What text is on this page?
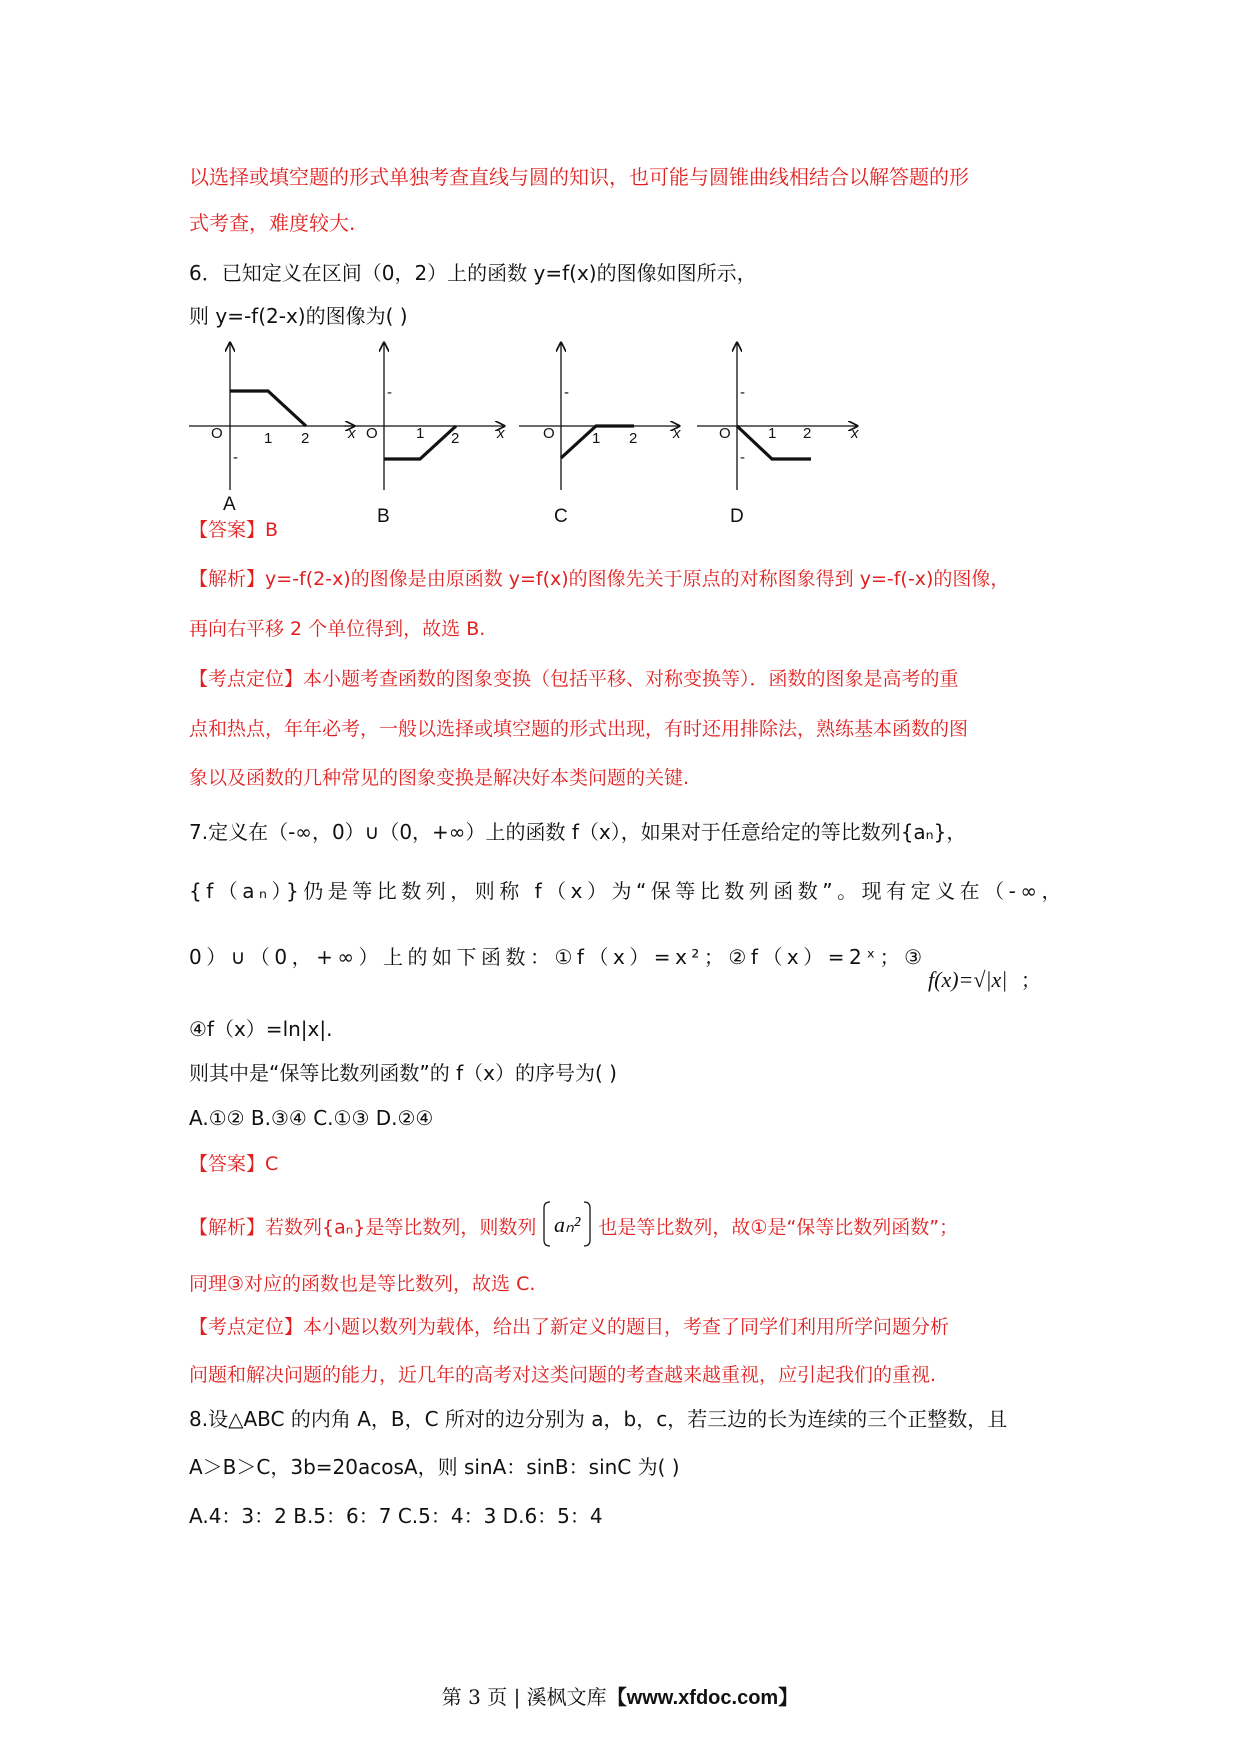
以选择或填空题的形式单独考查直线与圆的知识，也可能与圆锥曲线相结合以解答题的形
式考查，难度较大.
6．已知定义在区间（0，2）上的函数 y=f(x)的图像如图所示，
则 y=-f(2-x)的图像为( )
O	1 2	x
-
A
O	1 2	x
-
B
O 1 2 x
-
C
O 1 2	x
-
-
D
【答案】B
【解析】y=-f(2-x)的图像是由原函数 y=f(x)的图像先关于原点的对称图象得到 y=-f(-x)的图像，
再向右平移 2 个单位得到，故选 B.
【考点定位】本小题考查函数的图象变换（包括平移、对称变换等）．函数的图象是高考的重
点和热点，年年必考，一般以选择或填空题的形式出现，有时还用排除法，熟练基本函数的图
象以及函数的几种常见的图象变换是解决好本类问题的关键.
7.定义在（-∞，0）∪（0，+∞）上的函数 f（x），如果对于任意给定的等比数列{aₙ}，
{f（aₙ）}仍是等比数列，则称 f（x）为“保等比数列函数”。现有定义在（-∞，
0）∪（0，+∞）上的如下函数：①f（x）=x²；②f（x）=2ˣ；③
f(x)=√|x| ；
④f（x）=ln|x|.
则其中是“保等比数列函数”的 f（x）的序号为( )
A.①② B.③④ C.①③ D.②④
【答案】C
【解析】若数列{aₙ}是等比数列，则数列 aₙ² 也是等比数列，故①是“保等比数列函数”；
同理③对应的函数也是等比数列，故选 C.
【考点定位】本小题以数列为载体，给出了新定义的题目，考查了同学们利用所学问题分析
问题和解决问题的能力，近几年的高考对这类问题的考查越来越重视，应引起我们的重视.
8.设△ABC 的内角 A，B，C 所对的边分别为 a，b，c，若三边的长为连续的三个正整数，且
A＞B＞C，3b=20acosA，则 sinA：sinB：sinC 为( )
A.4：3：2 B.5：6：7 C.5：4：3 D.6：5：4
第 3 页 | 溪枫文库【www.xfdoc.com】
